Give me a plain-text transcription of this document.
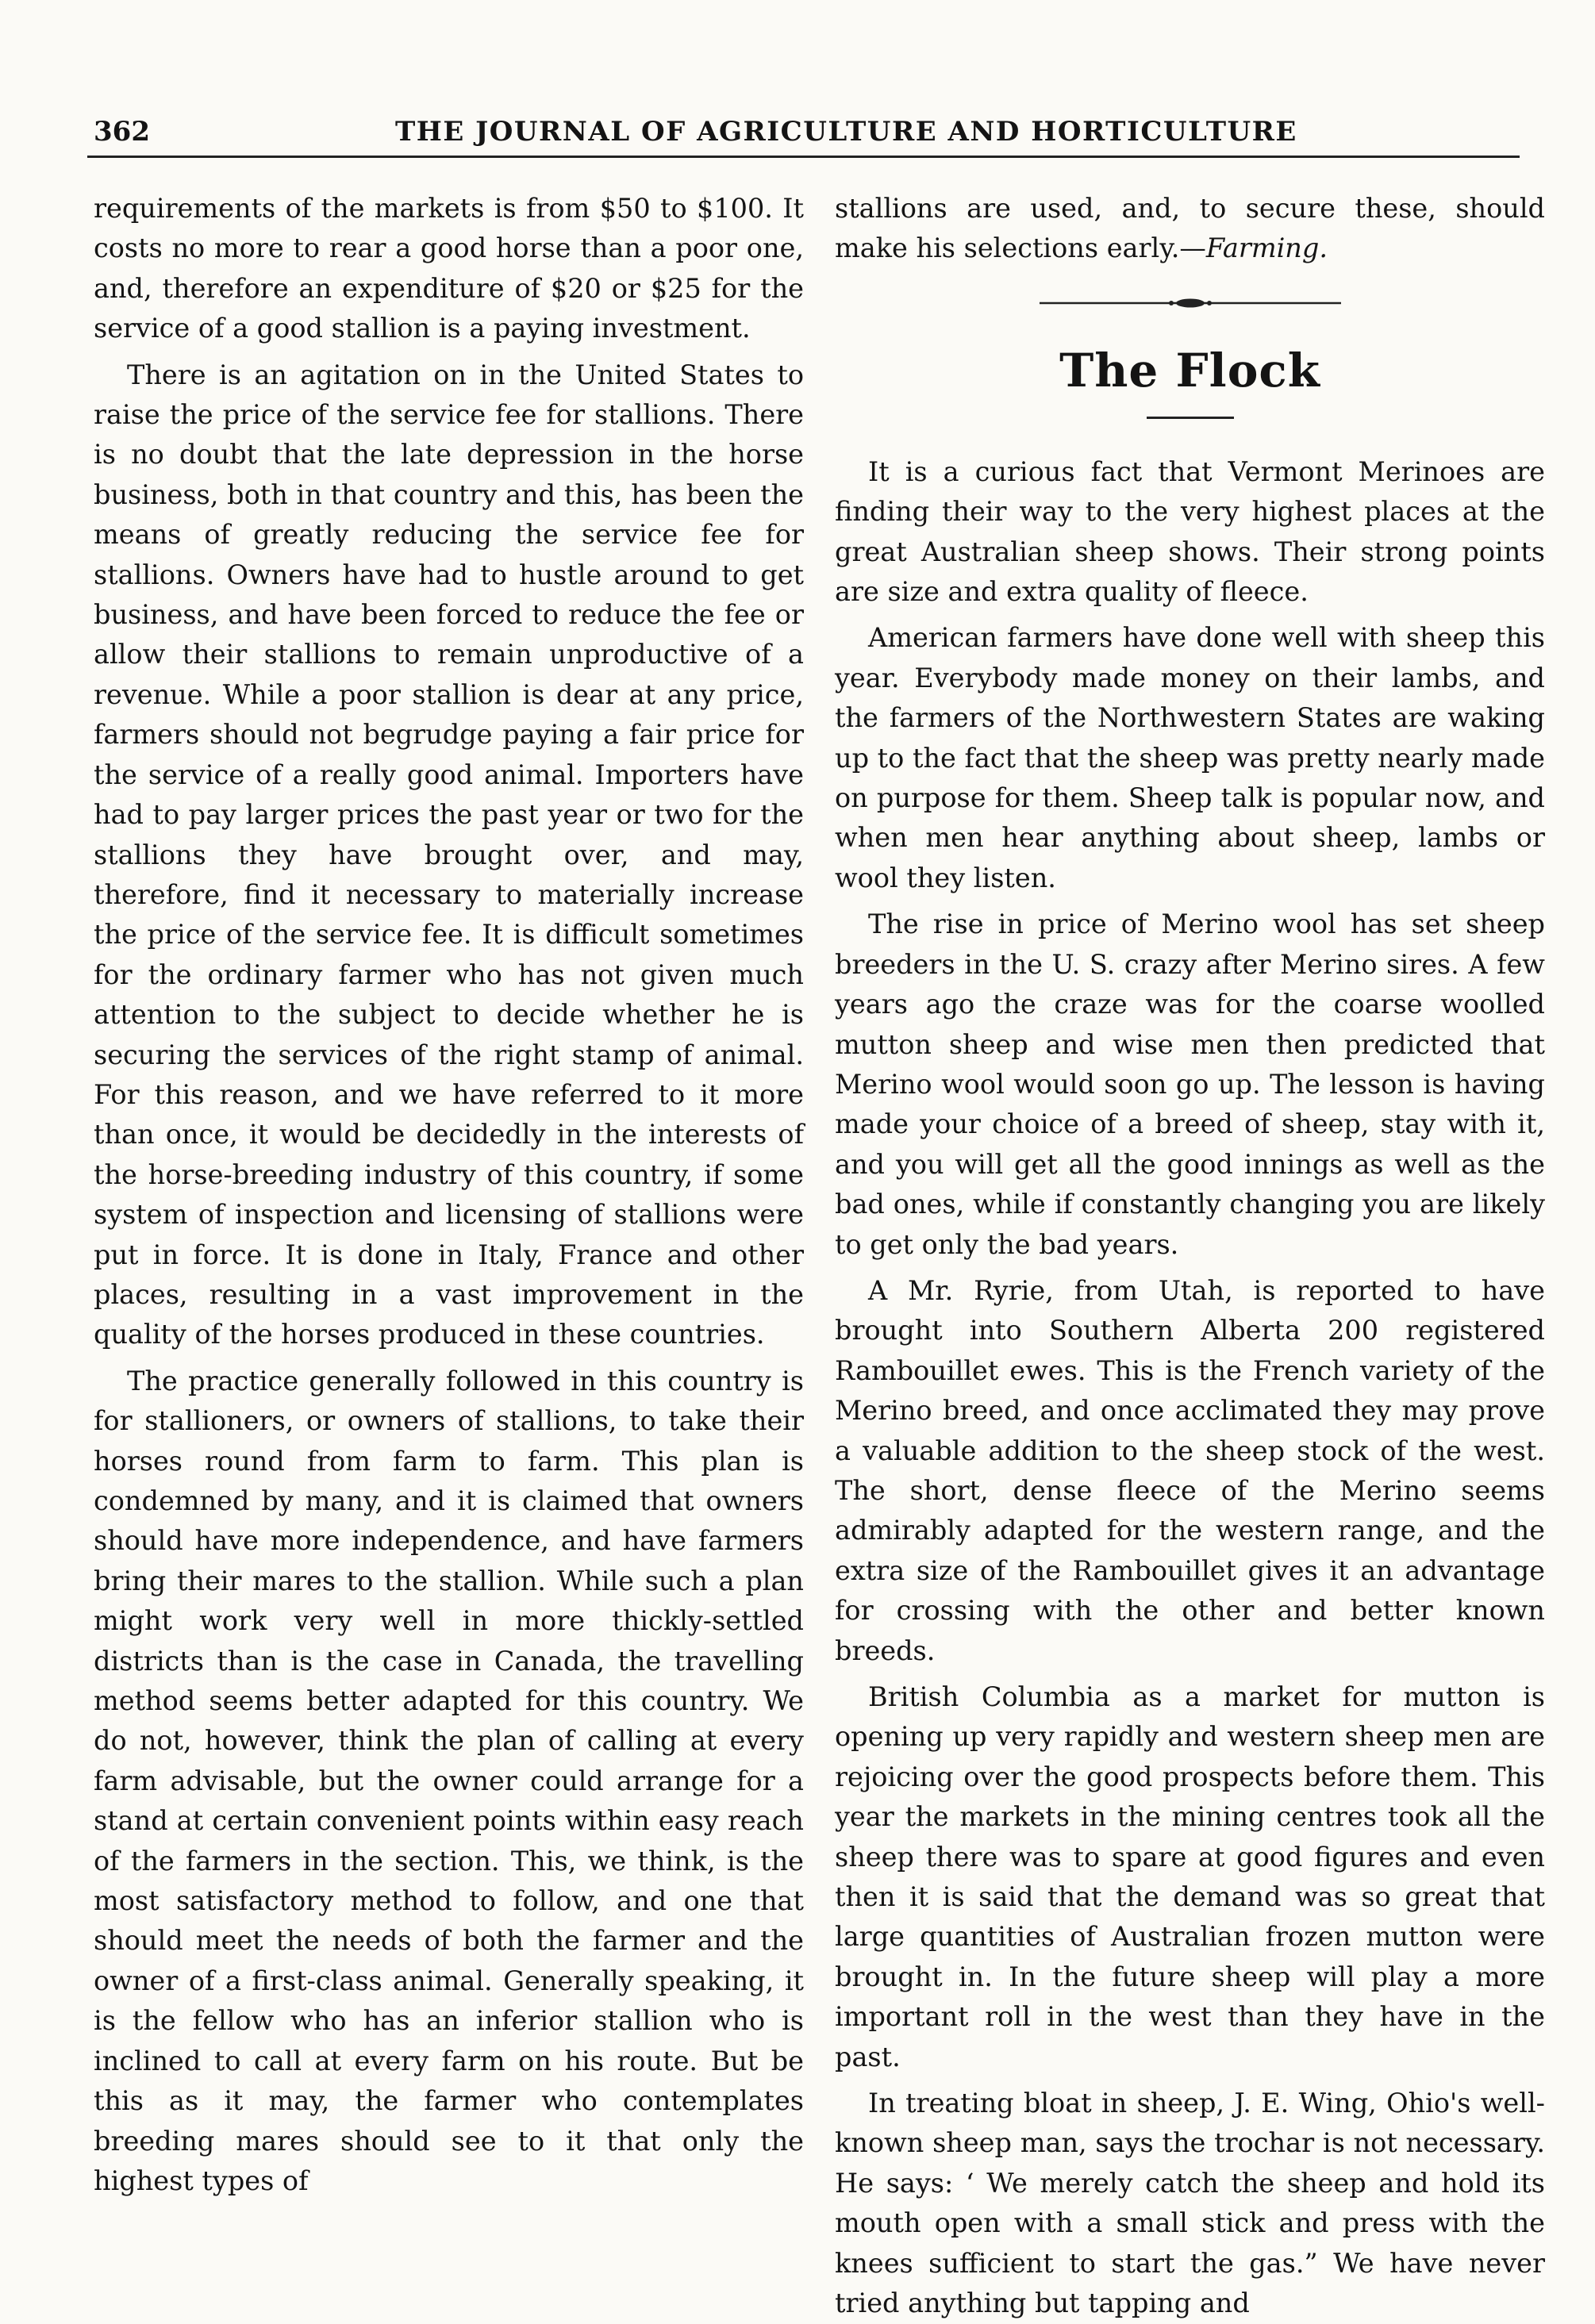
362	THE JOURNAL OF AGRICULTURE AND HORTICULTURE

requirements of the markets is from $50 to $100. It costs no more to rear a good horse than a poor one, and, therefore an expenditure of $20 or $25 for the service of a good stallion is a paying investment.

There is an agitation on in the United States to raise the price of the service fee for stallions. There is no doubt that the late depression in the horse business, both in that country and this, has been the means of greatly reducing the service fee for stallions. Owners have had to hustle around to get business, and have been forced to reduce the fee or allow their stallions to remain unproductive of a revenue. While a poor stallion is dear at any price, farmers should not begrudge paying a fair price for the service of a really good animal. Importers have had to pay larger prices the past year or two for the stallions they have brought over, and may, therefore, find it necessary to materially increase the price of the service fee. It is difficult sometimes for the ordinary farmer who has not given much attention to the subject to decide whether he is securing the services of the right stamp of animal. For this reason, and we have referred to it more than once, it would be decidedly in the interests of the horse-breeding industry of this country, if some system of inspection and licensing of stallions were put in force. It is done in Italy, France and other places, resulting in a vast improvement in the quality of the horses produced in these countries.

The practice generally followed in this country is for stallioners, or owners of stallions, to take their horses round from farm to farm. This plan is condemned by many, and it is claimed that owners should have more independence, and have farmers bring their mares to the stallion. While such a plan might work very well in more thickly-settled districts than is the case in Canada, the travelling method seems better adapted for this country. We do not, however, think the plan of calling at every farm advisable, but the owner could arrange for a stand at certain convenient points within easy reach of the farmers in the section. This, we think, is the most satisfactory method to follow, and one that should meet the needs of both the farmer and the owner of a first-class animal. Generally speaking, it is the fellow who has an inferior stallion who is inclined to call at every farm on his route. But be this as it may, the farmer who contemplates breeding mares should see to it that only the highest types of

stallions are used, and, to secure these, should make his selections early.—Farming.

The Flock

It is a curious fact that Vermont Merinoes are finding their way to the very highest places at the great Australian sheep shows. Their strong points are size and extra quality of fleece.

American farmers have done well with sheep this year. Everybody made money on their lambs, and the farmers of the Northwestern States are waking up to the fact that the sheep was pretty nearly made on purpose for them. Sheep talk is popular now, and when men hear anything about sheep, lambs or wool they listen.

The rise in price of Merino wool has set sheep breeders in the U. S. crazy after Merino sires. A few years ago the craze was for the coarse woolled mutton sheep and wise men then predicted that Merino wool would soon go up. The lesson is having made your choice of a breed of sheep, stay with it, and you will get all the good innings as well as the bad ones, while if constantly changing you are likely to get only the bad years.

A Mr. Ryrie, from Utah, is reported to have brought into Southern Alberta 200 registered Rambouillet ewes. This is the French variety of the Merino breed, and once acclimated they may prove a valuable addition to the sheep stock of the west. The short, dense fleece of the Merino seems admirably adapted for the western range, and the extra size of the Rambouillet gives it an advantage for crossing with the other and better known breeds.

British Columbia as a market for mutton is opening up very rapidly and western sheep men are rejoicing over the good prospects before them. This year the markets in the mining centres took all the sheep there was to spare at good figures and even then it is said that the demand was so great that large quantities of Australian frozen mutton were brought in. In the future sheep will play a more important roll in the west than they have in the past.

In treating bloat in sheep, J. E. Wing, Ohio's well-known sheep man, says the trochar is not necessary. He says: ‘ We merely catch the sheep and hold its mouth open with a small stick and press with the knees sufficient to start the gas.” We have never tried anything but tapping and
